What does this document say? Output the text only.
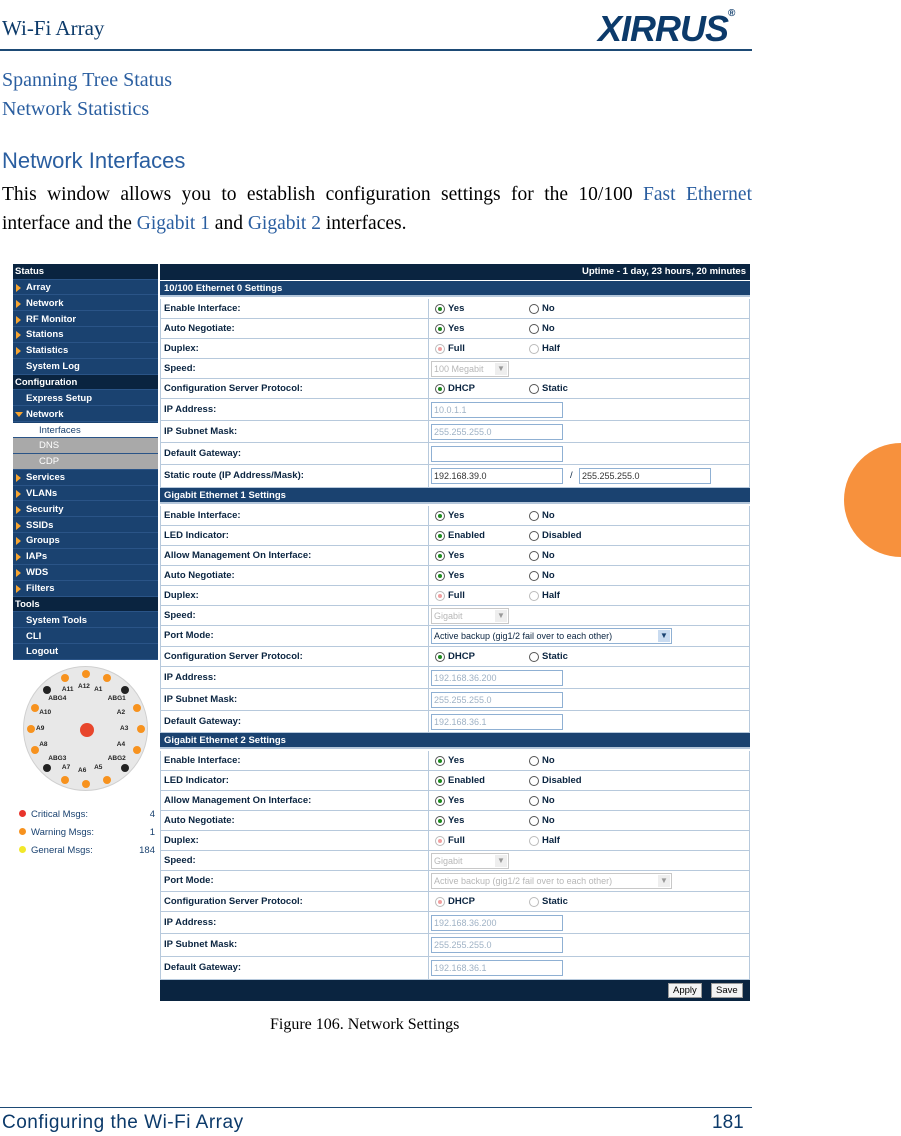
Wi-Fi Array	XIRRUS®
Spanning Tree Status
Network Statistics
Network Interfaces
This window allows you to establish configuration settings for the 10/100 Fast Ethernet interface and the Gigabit 1 and Gigabit 2 interfaces.
Status
Array
Network
RF Monitor
Stations
Statistics
System Log
Configuration
Express Setup
Network
Interfaces
DNS
CDP
Services
VLANs
Security
SSIDs
Groups
IAPs
WDS
Filters
Tools
System Tools
CLI
Logout
A12 A1
ABG1
A2
A3
A4
ABG2
A5
A6
A7
ABG3
A8
A9
A10
ABG4
A11
Critical Msgs:	4
Warning Msgs:	1
General Msgs:	184
Uptime - 1 day, 23 hours, 20 minutes
10/100 Ethernet 0 Settings
Enable Interface:	Yes	No
Auto Negotiate:	Yes	No
Duplex:	Full	Half
Speed:	100 Megabit ▼
Configuration Server Protocol:	DHCP	Static
IP Address:	10.0.1.1
IP Subnet Mask:	255.255.255.0
Default Gateway:
Static route (IP Address/Mask):	192.168.39.0	/	255.255.255.0
Gigabit Ethernet 1 Settings
Enable Interface:	Yes	No
LED Indicator:	Enabled	Disabled
Allow Management On Interface:	Yes	No
Auto Negotiate:	Yes	No
Duplex:	Full	Half
Speed:	Gigabit	▼
Port Mode:	Active backup (gig1/2 fail over to each other)	▼
Configuration Server Protocol:	DHCP	Static
IP Address:	192.168.36.200
IP Subnet Mask:	255.255.255.0
Default Gateway:	192.168.36.1
Gigabit Ethernet 2 Settings
Enable Interface:	Yes	No
LED Indicator:	Enabled	Disabled
Allow Management On Interface:	Yes	No
Auto Negotiate:	Yes	No
Duplex:	Full	Half
Speed:	Gigabit	▼
Port Mode:	Active backup (gig1/2 fail over to each other)	▼
Configuration Server Protocol:	DHCP	Static
IP Address:	192.168.36.200
IP Subnet Mask:	255.255.255.0
Default Gateway:	192.168.36.1
Apply	Save
Figure 106. Network Settings
Configuring the Wi-Fi Array	181
